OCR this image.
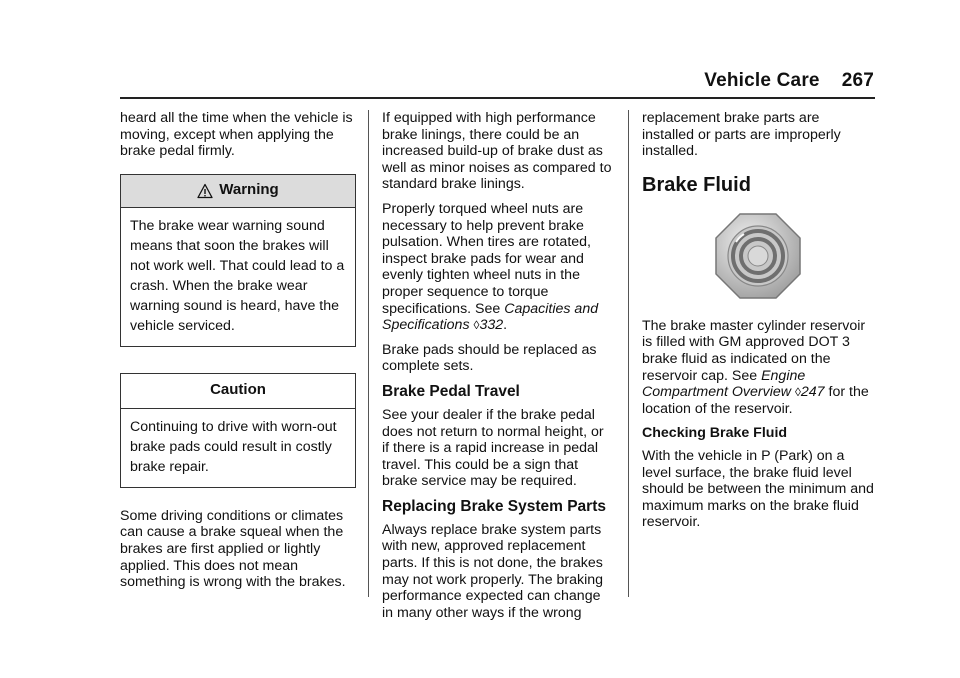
Vehicle Care 267

heard all the time when the vehicle is moving, except when applying the brake pedal firmly.

Warning
The brake wear warning sound means that soon the brakes will not work well. That could lead to a crash. When the brake wear warning sound is heard, have the vehicle serviced.
Caution
Continuing to drive with worn-out brake pads could result in costly brake repair.

Some driving conditions or climates can cause a brake squeal when the brakes are first applied or lightly applied. This does not mean something is wrong with the brakes.

If equipped with high performance brake linings, there could be an increased build-up of brake dust as well as minor noises as compared to standard brake linings.

Properly torqued wheel nuts are necessary to help prevent brake pulsation. When tires are rotated, inspect brake pads for wear and evenly tighten wheel nuts in the proper sequence to torque specifications. See Capacities and Specifications ◊332.

Brake pads should be replaced as complete sets.

Brake Pedal Travel

See your dealer if the brake pedal does not return to normal height, or if there is a rapid increase in pedal travel. This could be a sign that brake service may be required.

Replacing Brake System Parts

Always replace brake system parts with new, approved replacement parts. If this is not done, the brakes may not work properly. The braking performance expected can change in many other ways if the wrong

replacement brake parts are installed or parts are improperly installed.

Brake Fluid

The brake master cylinder reservoir is filled with GM approved DOT 3 brake fluid as indicated on the reservoir cap. See Engine Compartment Overview ◊247 for the location of the reservoir.

Checking Brake Fluid

With the vehicle in P (Park) on a level surface, the brake fluid level should be between the minimum and maximum marks on the brake fluid reservoir.
